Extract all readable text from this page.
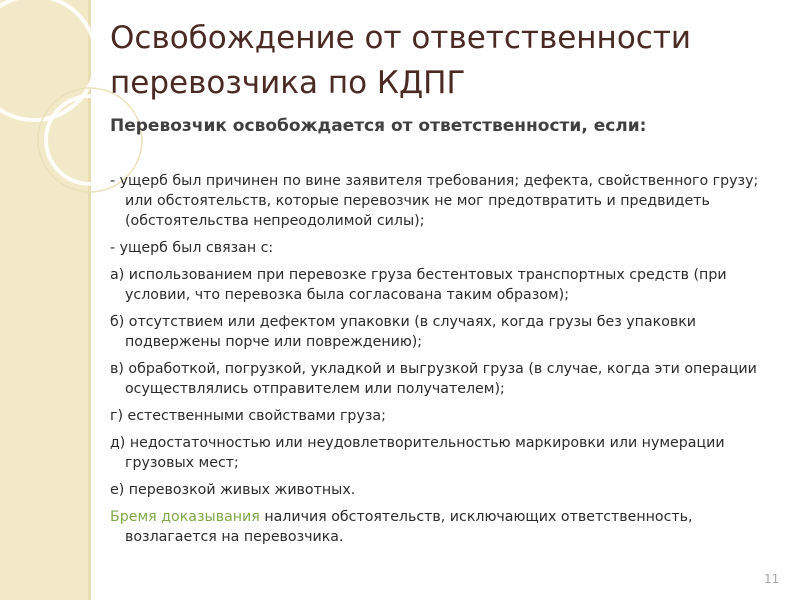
Освобождение от ответственности
перевозчика по КДПГ

Перевозчик освобождается от ответственности, если:

- ущерб был причинен по вине заявителя требования; дефекта, свойственного грузу; или обстоятельств, которые перевозчик не мог предотвратить и предвидеть (обстоятельства непреодолимой силы);

- ущерб был связан с:

а) использованием при перевозке груза бестентовых транспортных средств (при условии, что перевозка была согласована таким образом);

б) отсутствием или дефектом упаковки (в случаях, когда грузы без упаковки подвержены порче или повреждению);

в) обработкой, погрузкой, укладкой и выгрузкой груза (в случае, когда эти операции осуществлялись отправителем или получателем);

г) естественными свойствами груза;

д) недостаточностью или неудовлетворительностью маркировки или нумерации грузовых мест;

е) перевозкой живых животных.

Бремя доказывания наличия обстоятельств, исключающих ответственность, возлагается на перевозчика.

11
